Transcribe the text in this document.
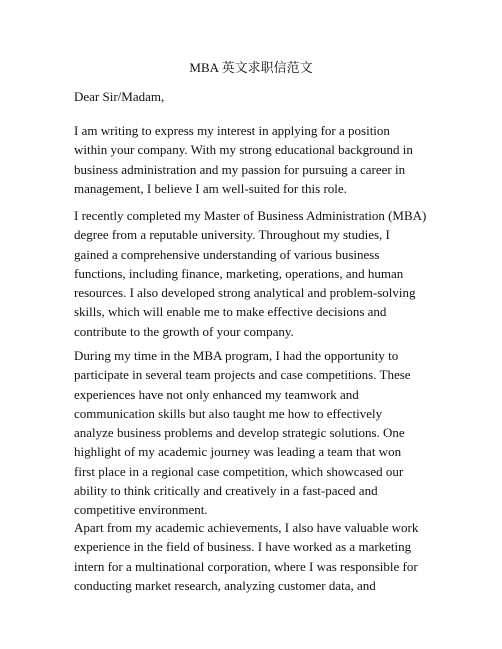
MBA 英文求职信范文
Dear Sir/Madam,
I am writing to express my interest in applying for a position
within your company. With my strong educational background in
business administration and my passion for pursuing a career in
management, I believe I am well-suited for this role.
I recently completed my Master of Business Administration (MBA)
degree from a reputable university. Throughout my studies, I
gained a comprehensive understanding of various business
functions, including finance, marketing, operations, and human
resources. I also developed strong analytical and problem-solving
skills, which will enable me to make effective decisions and
contribute to the growth of your company.
During my time in the MBA program, I had the opportunity to
participate in several team projects and case competitions. These
experiences have not only enhanced my teamwork and
communication skills but also taught me how to effectively
analyze business problems and develop strategic solutions. One
highlight of my academic journey was leading a team that won
first place in a regional case competition, which showcased our
ability to think critically and creatively in a fast-paced and
competitive environment.
Apart from my academic achievements, I also have valuable work
experience in the field of business. I have worked as a marketing
intern for a multinational corporation, where I was responsible for
conducting market research, analyzing customer data, and
